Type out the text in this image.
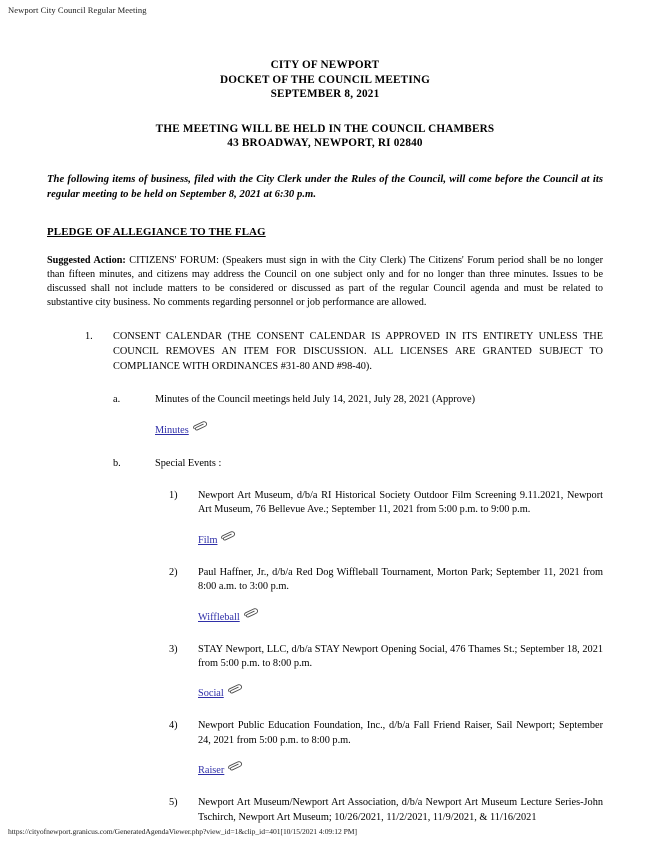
Newport City Council Regular Meeting
CITY OF NEWPORT
DOCKET OF THE COUNCIL MEETING
SEPTEMBER 8, 2021
THE MEETING WILL BE HELD IN THE COUNCIL CHAMBERS
43 BROADWAY, NEWPORT, RI 02840
The following items of business, filed with the City Clerk under the Rules of the Council, will come before the Council at its regular meeting to be held on September 8, 2021 at 6:30 p.m.
PLEDGE OF ALLEGIANCE TO THE FLAG
Suggested Action: CITIZENS' FORUM: (Speakers must sign in with the City Clerk) The Citizens' Forum period shall be no longer than fifteen minutes, and citizens may address the Council on one subject only and for no longer than three minutes. Issues to be discussed shall not include matters to be considered or discussed as part of the regular Council agenda and must be related to substantive city business. No comments regarding personnel or job performance are allowed.
1. CONSENT CALENDAR (THE CONSENT CALENDAR IS APPROVED IN ITS ENTIRETY UNLESS THE COUNCIL REMOVES AN ITEM FOR DISCUSSION. ALL LICENSES ARE GRANTED SUBJECT TO COMPLIANCE WITH ORDINANCES #31-80 AND #98-40).
a.	Minutes of the Council meetings held July 14, 2021, July 28, 2021 (Approve)
Minutes
b.	Special Events :
1) Newport Art Museum, d/b/a RI Historical Society Outdoor Film Screening 9.11.2021, Newport Art Museum, 76 Bellevue Ave.; September 11, 2021 from 5:00 p.m. to 9:00 p.m.
Film
2) Paul Haffner, Jr., d/b/a Red Dog Wiffleball Tournament, Morton Park; September 11, 2021 from 8:00 a.m. to 3:00 p.m.
Wiffleball
3) STAY Newport, LLC, d/b/a STAY Newport Opening Social, 476 Thames St.; September 18, 2021 from 5:00 p.m. to 8:00 p.m.
Social
4) Newport Public Education Foundation, Inc., d/b/a Fall Friend Raiser, Sail Newport; September 24, 2021 from 5:00 p.m. to 8:00 p.m.
Raiser
5) Newport Art Museum/Newport Art Association, d/b/a Newport Art Museum Lecture Series-John Tschirch, Newport Art Museum; 10/26/2021, 11/2/2021, 11/9/2021, & 11/16/2021
https://cityofnewport.granicus.com/GeneratedAgendaViewer.php?view_id=1&clip_id=401[10/15/2021 4:09:12 PM]
